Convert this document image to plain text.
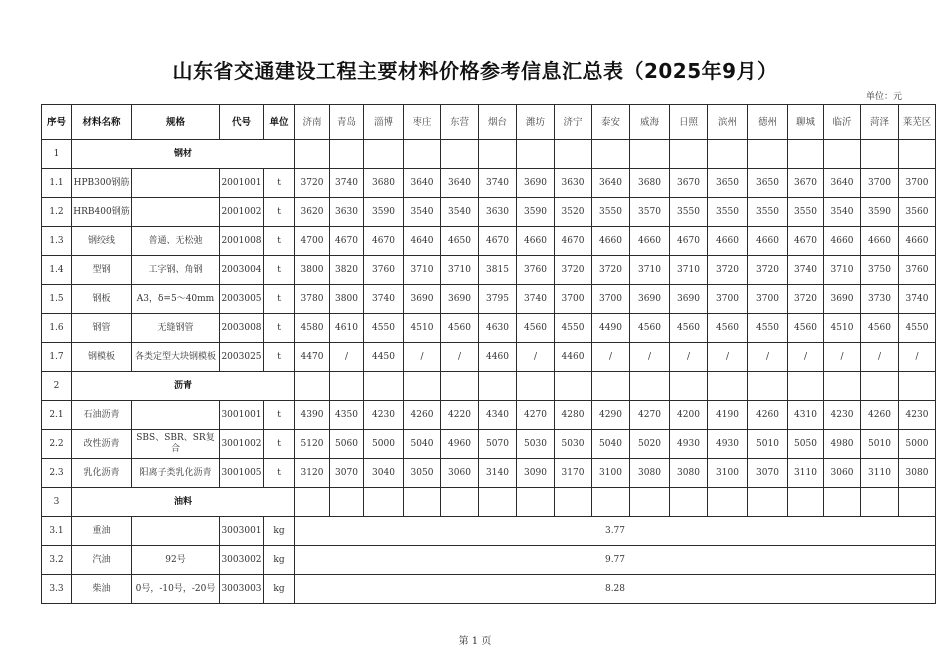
山东省交通建设工程主要材料价格参考信息汇总表（2025年9月）
单位：元
序号	材料名称	规格	代号	单位	济南	青岛	淄博	枣庄	东营	烟台	潍坊	济宁	泰安	威海	日照	滨州	德州	聊城	临沂	菏泽	莱芜区
1	钢材																				
1.1	HPB300钢筋		2001001	t	3720	3740	3680	3640	3640	3740	3690	3630	3640	3680	3670	3650	3650	3670	3640	3700	3700
1.2	HRB400钢筋		2001002	t	3620	3630	3590	3540	3540	3630	3590	3520	3550	3570	3550	3550	3550	3550	3540	3590	3560
1.3	钢绞线	普通、无松弛	2001008	t	4700	4670	4670	4640	4650	4670	4660	4670	4660	4660	4670	4660	4660	4670	4660	4660	4660
1.4	型钢	工字钢、角钢	2003004	t	3800	3820	3760	3710	3710	3815	3760	3720	3720	3710	3710	3720	3720	3740	3710	3750	3760
1.5	钢板	A3，δ=5～40mm	2003005	t	3780	3800	3740	3690	3690	3795	3740	3700	3700	3690	3690	3700	3700	3720	3690	3730	3740
1.6	钢管	无缝钢管	2003008	t	4580	4610	4550	4510	4560	4630	4560	4550	4490	4560	4560	4560	4550	4560	4510	4560	4550
1.7	钢模板	各类定型大块钢模板	2003025	t	4470	/	4450	/	/	4460	/	4460	/	/	/	/	/	/	/	/	/
2	沥青																				
2.1	石油沥青		3001001	t	4390	4350	4230	4260	4220	4340	4270	4280	4290	4270	4200	4190	4260	4310	4230	4260	4230
2.2	改性沥青	SBS、SBR、SR复合	3001002	t	5120	5060	5000	5040	4960	5070	5030	5030	5040	5020	4930	4930	5010	5050	4980	5010	5000
2.3	乳化沥青	阳离子类乳化沥青	3001005	t	3120	3070	3040	3050	3060	3140	3090	3170	3100	3080	3080	3100	3070	3110	3060	3110	3080
3	油料																				
3.1	重油		3003001	kg	3.77																
3.2	汽油	92号	3003002	kg	9.77																
3.3	柴油	0号，-10号，-20号	3003003	kg	8.28																
第 1 页
